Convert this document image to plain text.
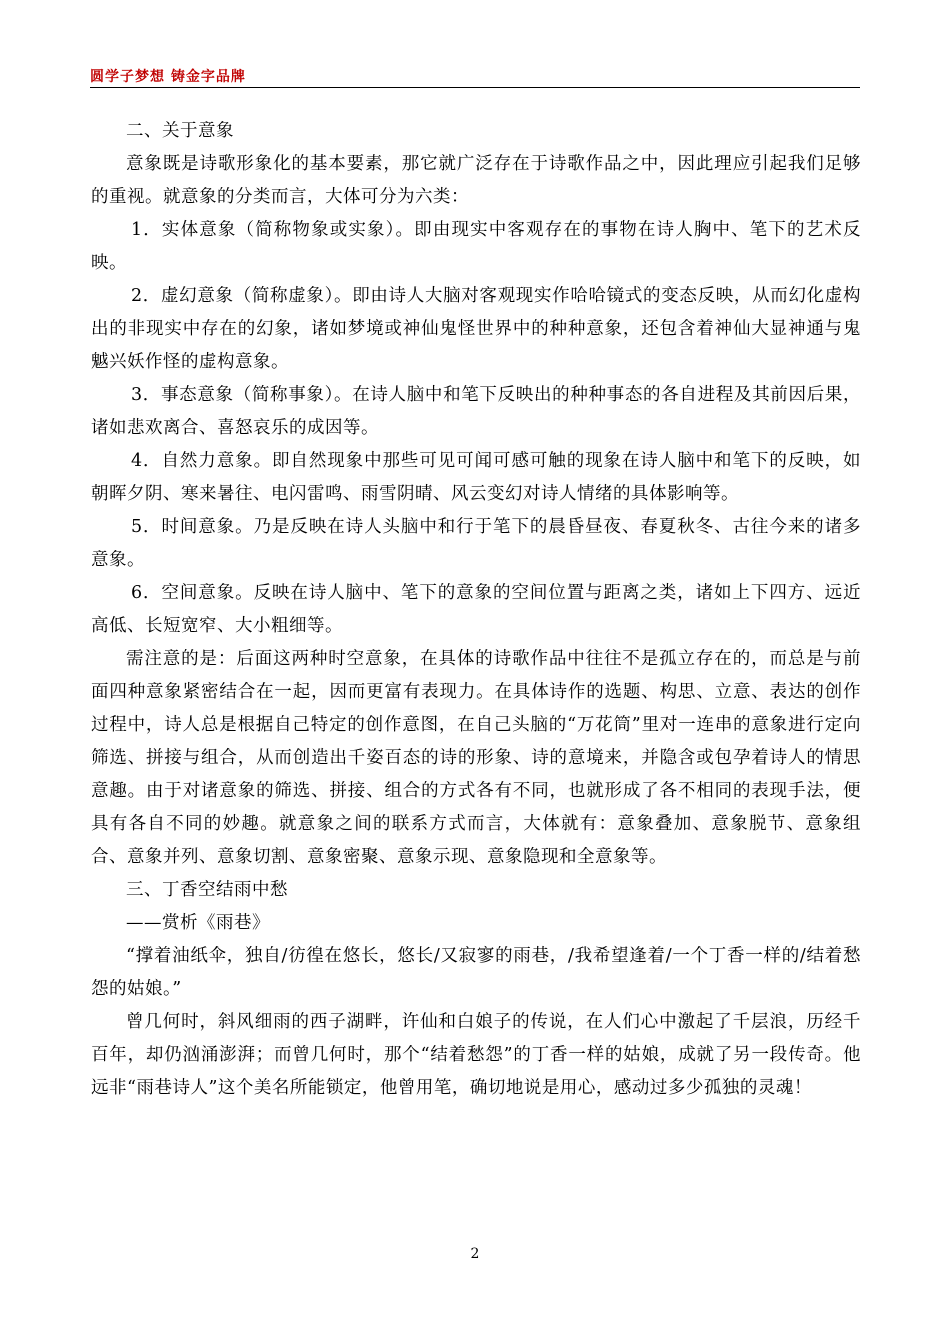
圆学子梦想 铸金字品牌

二、关于意象

意象既是诗歌形象化的基本要素，那它就广泛存在于诗歌作品之中，因此理应引起我们足够的重视。就意象的分类而言，大体可分为六类：

1．实体意象（简称物象或实象）。即由现实中客观存在的事物在诗人胸中、笔下的艺术反映。

2．虚幻意象（简称虚象）。即由诗人大脑对客观现实作哈哈镜式的变态反映，从而幻化虚构出的非现实中存在的幻象，诸如梦境或神仙鬼怪世界中的种种意象，还包含着神仙大显神通与鬼魆兴妖作怪的虚构意象。

3．事态意象（简称事象）。在诗人脑中和笔下反映出的种种事态的各自进程及其前因后果，诸如悲欢离合、喜怒哀乐的成因等。

4．自然力意象。即自然现象中那些可见可闻可感可触的现象在诗人脑中和笔下的反映，如朝晖夕阴、寒来暑往、电闪雷鸣、雨雪阴晴、风云变幻对诗人情绪的具体影响等。

5．时间意象。乃是反映在诗人头脑中和行于笔下的晨昏昼夜、春夏秋冬、古往今来的诸多意象。

6．空间意象。反映在诗人脑中、笔下的意象的空间位置与距离之类，诸如上下四方、远近高低、长短宽窄、大小粗细等。

需注意的是：后面这两种时空意象，在具体的诗歌作品中往往不是孤立存在的，而总是与前面四种意象紧密结合在一起，因而更富有表现力。在具体诗作的选题、构思、立意、表达的创作过程中，诗人总是根据自己特定的创作意图，在自己头脑的“万花筒”里对一连串的意象进行定向筛选、拼接与组合，从而创造出千姿百态的诗的形象、诗的意境来，并隐含或包孕着诗人的情思意趣。由于对诸意象的筛选、拼接、组合的方式各有不同，也就形成了各不相同的表现手法，便具有各自不同的妙趣。就意象之间的联系方式而言，大体就有：意象叠加、意象脱节、意象组合、意象并列、意象切割、意象密聚、意象示现、意象隐现和全意象等。

三、丁香空结雨中愁

——赏析《雨巷》

“撑着油纸伞，独自/彷徨在悠长，悠长/又寂寥的雨巷，/我希望逢着/一个丁香一样的/结着愁怨的姑娘。”

曾几何时，斜风细雨的西子湖畔，许仙和白娘子的传说，在人们心中激起了千层浪，历经千百年，却仍汹涌澎湃；而曾几何时，那个“结着愁怨”的丁香一样的姑娘，成就了另一段传奇。他远非“雨巷诗人”这个美名所能锁定，他曾用笔，确切地说是用心，感动过多少孤独的灵魂！

2
